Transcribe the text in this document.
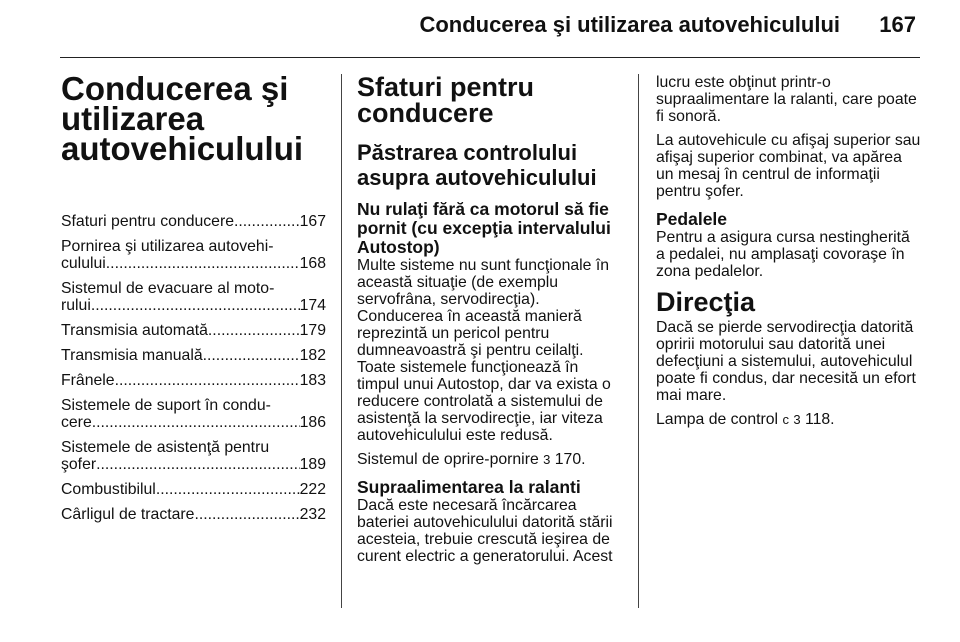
Conducerea şi utilizarea autovehiculului 167
Conducerea şi
utilizarea
autovehiculului
Sfaturi pentru conducere .....	167
Pornirea şi utilizarea autovehi-
culului .....	168
Sistemul de evacuare al moto-
rului .....	174
Transmisia automată .....	179
Transmisia manuală .....	182
Frânele .....	183
Sistemele de suport în condu-
cere .....	186
Sistemele de asistenţă pentru
şofer .....	189
Combustibilul .....	222
Cârligul de tractare .....	232
Sfaturi pentru
conducere
Păstrarea controlului
asupra autovehiculului
Nu rulaţi fără ca motorul să fie
pornit (cu excepţia intervalului
Autostop)

Multe sisteme nu sunt funcţionale în
această situaţie (de exemplu
servofrâna, servodirecţia).
Conducerea în această manieră
reprezintă un pericol pentru
dumneavoastră şi pentru ceilalţi.
Toate sistemele funcţionează în
timpul unui Autostop, dar va exista o
reducere controlată a sistemului de
asistenţă la servodirecţie, iar viteza
autovehiculului este redusă.

Sistemul de oprire-pornire 3 170.

Supraalimentarea la ralanti

Dacă este necesară încărcarea
bateriei autovehiculului datorită stării
acesteia, trebuie crescută ieşirea de
curent electric a generatorului. Acest

lucru este obţinut printr-o
supraalimentare la ralanti, care poate
fi sonoră.

La autovehicule cu afişaj superior sau
afişaj superior combinat, va apărea
un mesaj în centrul de informaţii
pentru şofer.

Pedalele

Pentru a asigura cursa nestingherită
a pedalei, nu amplasaţi covoraşe în
zona pedalelor.

Direcţia

Dacă se pierde servodirecţia datorită
opririi motorului sau datorită unei
defecţiuni a sistemului, autovehiculul
poate fi condus, dar necesită un efort
mai mare.

Lampa de control c 3 118.
